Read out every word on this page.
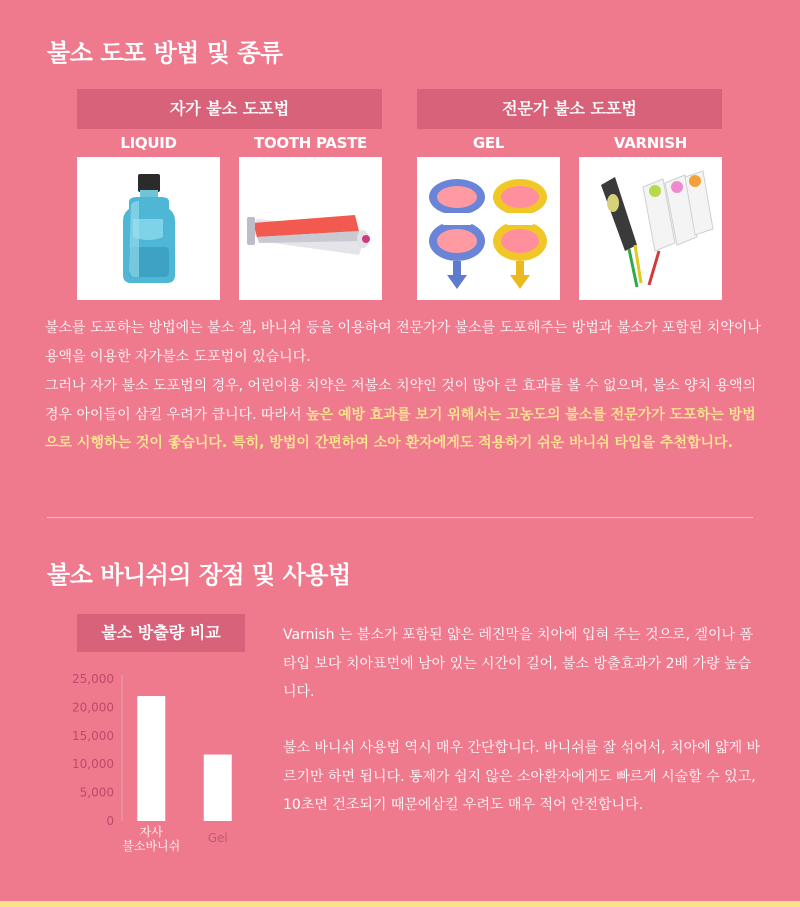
불소 도포 방법 및 종류
자가 불소 도포법	전문가 불소 도포법
LIQUID	TOOTH PASTE	GEL	VARNISH

불소를 도포하는 방법에는 불소 겔, 바니쉬 등을 이용하여 전문가가 불소를 도포해주는 방법과 불소가 포함된 치약이나 용액을 이용한 자가불소 도포법이 있습니다.

그러나 자가 불소 도포법의 경우, 어린이용 치약은 저불소 치약인 것이 많아 큰 효과를 볼 수 없으며, 불소 양치 용액의 경우 아이들이 삼킬 우려가 큽니다. 따라서 높은 예방 효과를 보기 위해서는 고농도의 불소를 전문가가 도포하는 방법으로 시행하는 것이 좋습니다. 특히, 방법이 간편하여 소아 환자에게도 적용하기 쉬운 바니쉬 타입을 추천합니다.

불소 바니쉬의 장점 및 사용법
불소 방출량 비교
25,000
20,000
15,000
10,000
5,000
0
자사
불소바니쉬
Gel

Varnish 는 불소가 포함된 얇은 레진막을 치아에 입혀 주는 것으로, 겔이나 폼 타입 보다 치아표면에 남아 있는 시간이 길어, 불소 방출효과가 2배 가량 높습니다.

불소 바니쉬 사용법 역시 매우 간단합니다. 바니쉬를 잘 섞어서, 치아에 얇게 바르기만 하면 됩니다. 통제가 쉽지 않은 소아환자에게도 빠르게 시술할 수 있고, 10초면 건조되기 때문에삼킬 우려도 매우 적어 안전합니다.
